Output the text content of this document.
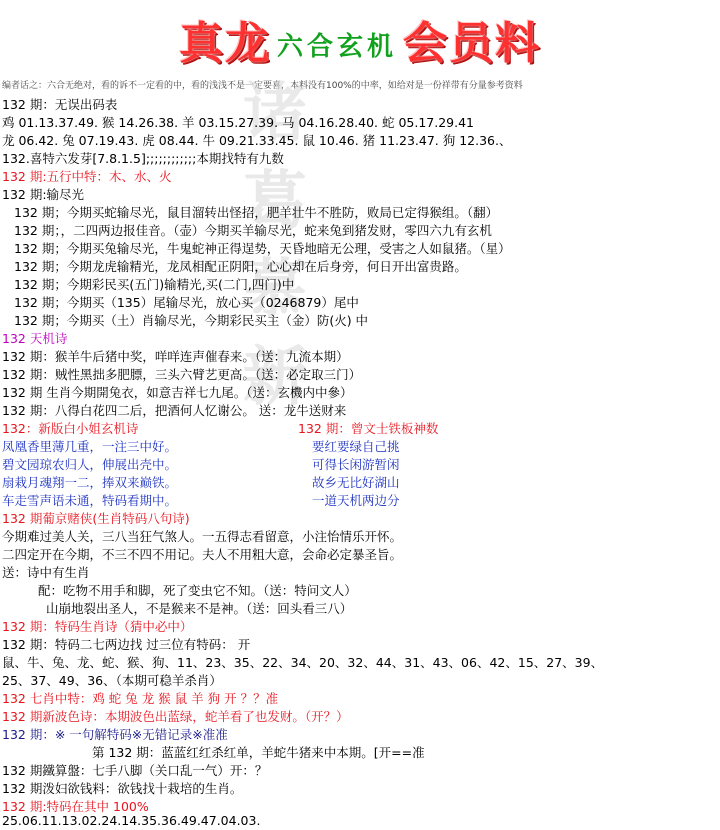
真龙 六合玄机 会员料
编者话之：六合无绝对，看的诉不一定看的中，看的浅浅不是一定要喜，本料没有100%的中率，如给对是一份祥带有分量参考资料
诸
葛
慕
新
132 期：无误出码表
鸡 01.13.37.49. 猴 14.26.38. 羊 03.15.27.39. 马 04.16.28.40. 蛇 05.17.29.41
龙 06.42. 兔 07.19.43. 虎 08.44. 牛 09.21.33.45. 鼠 10.46. 猪 11.23.47. 狗 12.36.、
132.喜特六发芽[7.8.1.5];;;;;;;;;;;;本期找特有九数
132 期:五行中特：木、水、火
132 期:输尽光
132 期；今期买蛇输尽光，鼠目溜转出怪招，肥羊壮牛不胜防，败局已定得猴组。（翻）
132 期；，二四两边报佳音。（壶）今期买羊输尽光，蛇来兔到猪发财，零四六九有玄机
132 期；今期买兔输尽光，牛鬼蛇神正得逞势，天昏地暗无公理，受害之人如鼠猪。（星）
132 期；今期龙虎输精光，龙凤相配正阴阳，心心却在后身旁，何日开出富贵路。
132 期；今期彩民买(五门)输精光,买(二门,四门)中
132 期；今期买（135）尾输尽光，放心买（0246879）尾中
132 期；今期买（土）肖输尽光，今期彩民买主（金）防(火) 中
132 天机诗
132 期：猴羊牛后猪中奖，咩咩连声催春来。（送：九流本期）
132 期：贼性黑拙多肥膘，三头六臂艺更高。（送：必定取三门）
132 期 生肖今期開兔衣，如意吉祥七九尾。（送：玄機内中參）
132 期：八得白花四二后，把酒何人忆谢公。 送：龙牛送财来
132：新版白小姐玄机诗	132 期：曾文士铁板神数
凤凰香里薄几重，一注三中好。
碧文园琼农归人，伸展出壳中。
扇栽月魂翔一二，捧双来巅铁。
车走雪声语未通，特码看期中。
要红要绿自己挑
可得长闲游暂闲
故乡无比好湖山
一道天机两边分
132 期葡京赌侠(生肖特码八句诗)
今期难过美人关，三八当狂气煞人。一五得志看留意，小注怡情乐开怀。
二四定开在今期，不三不四不用记。夫人不用粗大意，会命必定暴圣旨。
送：诗中有生肖
配：吃物不用手和脚，死了变虫它不知。（送：特问文人）
山崩地裂出圣人，不是猴来不是神。（送：回头看三八）
132 期：特码生肖诗（猜中必中）
132 期：特码二七两边找 过三位有特码： 开
鼠、牛、兔、龙、蛇、猴、狗、11、23、35、22、34、20、32、44、31、43、06、42、15、27、39、
25、37、49、36、（本期可稳羊杀肖）
132 七肖中特：鸡 蛇 兔 龙 猴 鼠 羊 狗 开 ？？准
132 期新波色诗：本期波色出蓝绿，蛇羊看了也发财。（开？）
132 期：※ 一句解特码※无错记录※准准
第 132 期：蓝蓝红红杀红单，羊蛇牛猪来中本期。[开==准
132 期鐵算盤：七手八脚（关口乱一气）开：？
132 期泼妇欲钱料：欲钱找十栽培的生肖。
132 期:特码在其中 100%
25.06.11.13.02.24.14.35.36.49.47.04.03.
